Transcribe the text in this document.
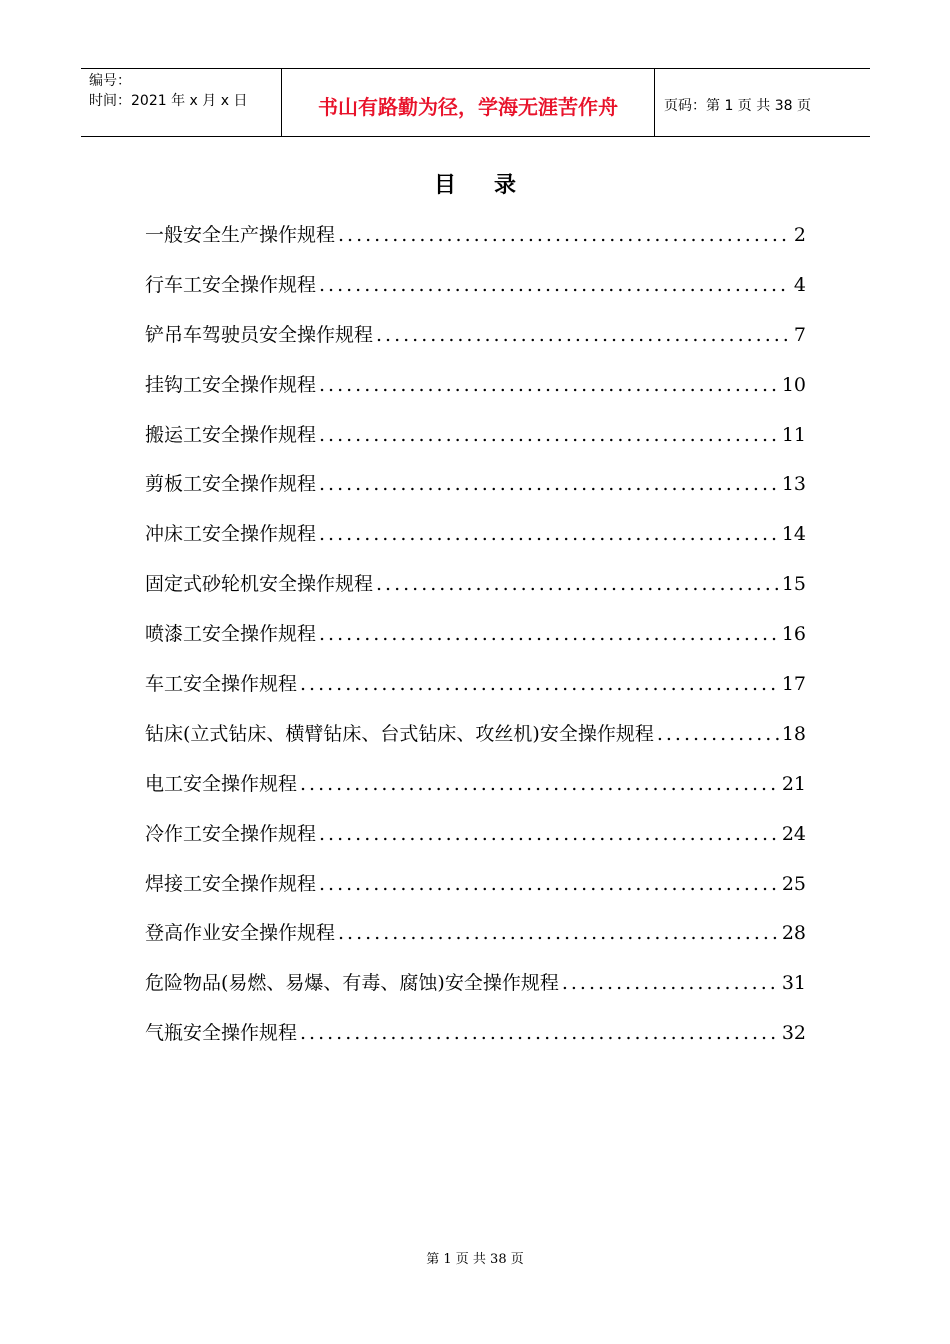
编号：
时间：2021 年 x 月 x 日	书山有路勤为径，学海无涯苦作舟	页码：第 1 页 共 38 页
目录
一般安全生产操作规程 .....	2
行车工安全操作规程 .....	4
铲吊车驾驶员安全操作规程 .....	7
挂钩工安全操作规程 .....	10
搬运工安全操作规程 .....	11
剪板工安全操作规程 .....	13
冲床工安全操作规程 .....	14
固定式砂轮机安全操作规程 .....	15
喷漆工安全操作规程 .....	16
车工安全操作规程 .....	17
钻床(立式钻床、横臂钻床、台式钻床、攻丝机)安全操作规程 .....	18
电工安全操作规程 .....	21
冷作工安全操作规程 .....	24
焊接工安全操作规程 .....	25
登高作业安全操作规程 .....	28
危险物品(易燃、易爆、有毒、腐蚀)安全操作规程 .....	31
气瓶安全操作规程 .....	32
第 1 页 共 38 页
